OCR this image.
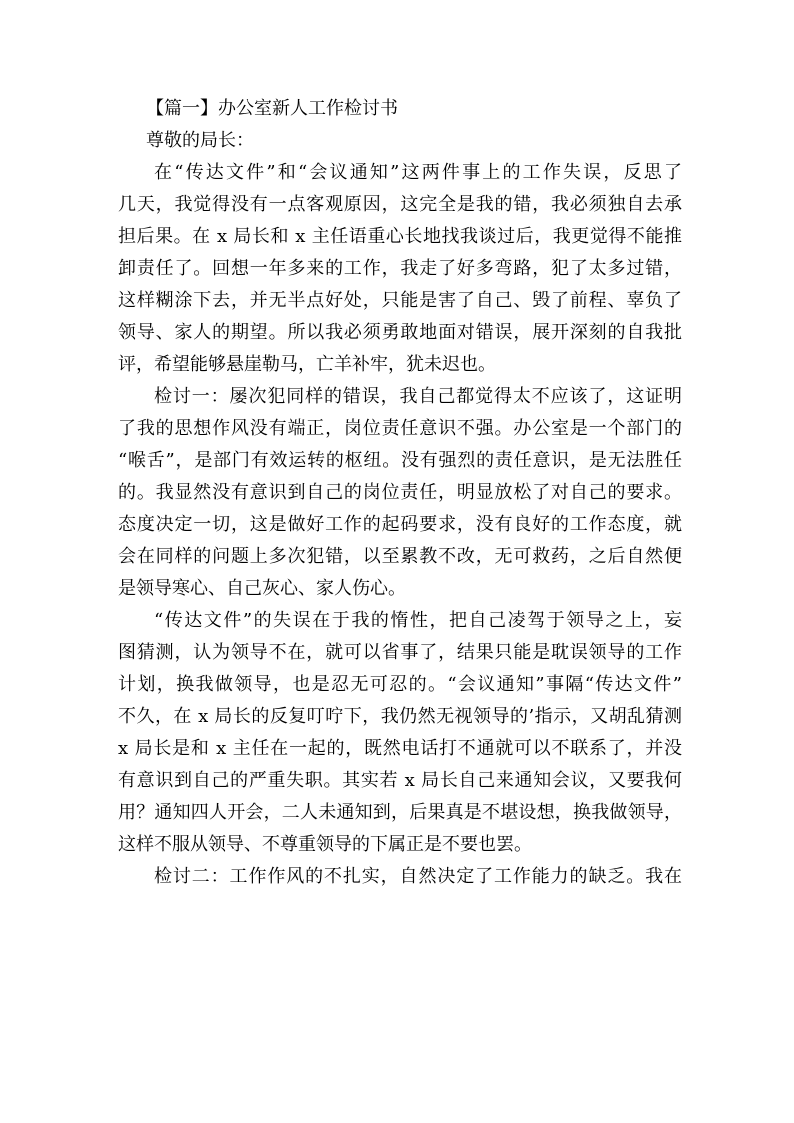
【篇一】办公室新人工作检讨书
尊敬的局长：
在“传达文件”和“会议通知”这两件事上的工作失误，反思了
几天，我觉得没有一点客观原因，这完全是我的错，我必须独自去承
担后果。在 x 局长和 x 主任语重心长地找我谈过后，我更觉得不能推
卸责任了。回想一年多来的工作，我走了好多弯路，犯了太多过错，
这样糊涂下去，并无半点好处，只能是害了自己、毁了前程、辜负了
领导、家人的期望。所以我必须勇敢地面对错误，展开深刻的自我批
评，希望能够悬崖勒马，亡羊补牢，犹未迟也。
检讨一：屡次犯同样的错误，我自己都觉得太不应该了，这证明
了我的思想作风没有端正，岗位责任意识不强。办公室是一个部门的
“喉舌”，是部门有效运转的枢纽。没有强烈的责任意识，是无法胜任
的。我显然没有意识到自己的岗位责任，明显放松了对自己的要求。
态度决定一切，这是做好工作的起码要求，没有良好的工作态度，就
会在同样的问题上多次犯错，以至累教不改，无可救药，之后自然便
是领导寒心、自己灰心、家人伤心。
“传达文件”的失误在于我的惰性，把自己凌驾于领导之上，妄
图猜测，认为领导不在，就可以省事了，结果只能是耽误领导的工作
计划，换我做领导，也是忍无可忍的。“会议通知”事隔“传达文件”
不久，在 x 局长的反复叮咛下，我仍然无视领导的’指示，又胡乱猜测
x 局长是和 x 主任在一起的，既然电话打不通就可以不联系了，并没
有意识到自己的严重失职。其实若 x 局长自己来通知会议，又要我何
用？通知四人开会，二人未通知到，后果真是不堪设想，换我做领导，
这样不服从领导、不尊重领导的下属正是不要也罢。
检讨二：工作作风的不扎实，自然决定了工作能力的缺乏。我在
